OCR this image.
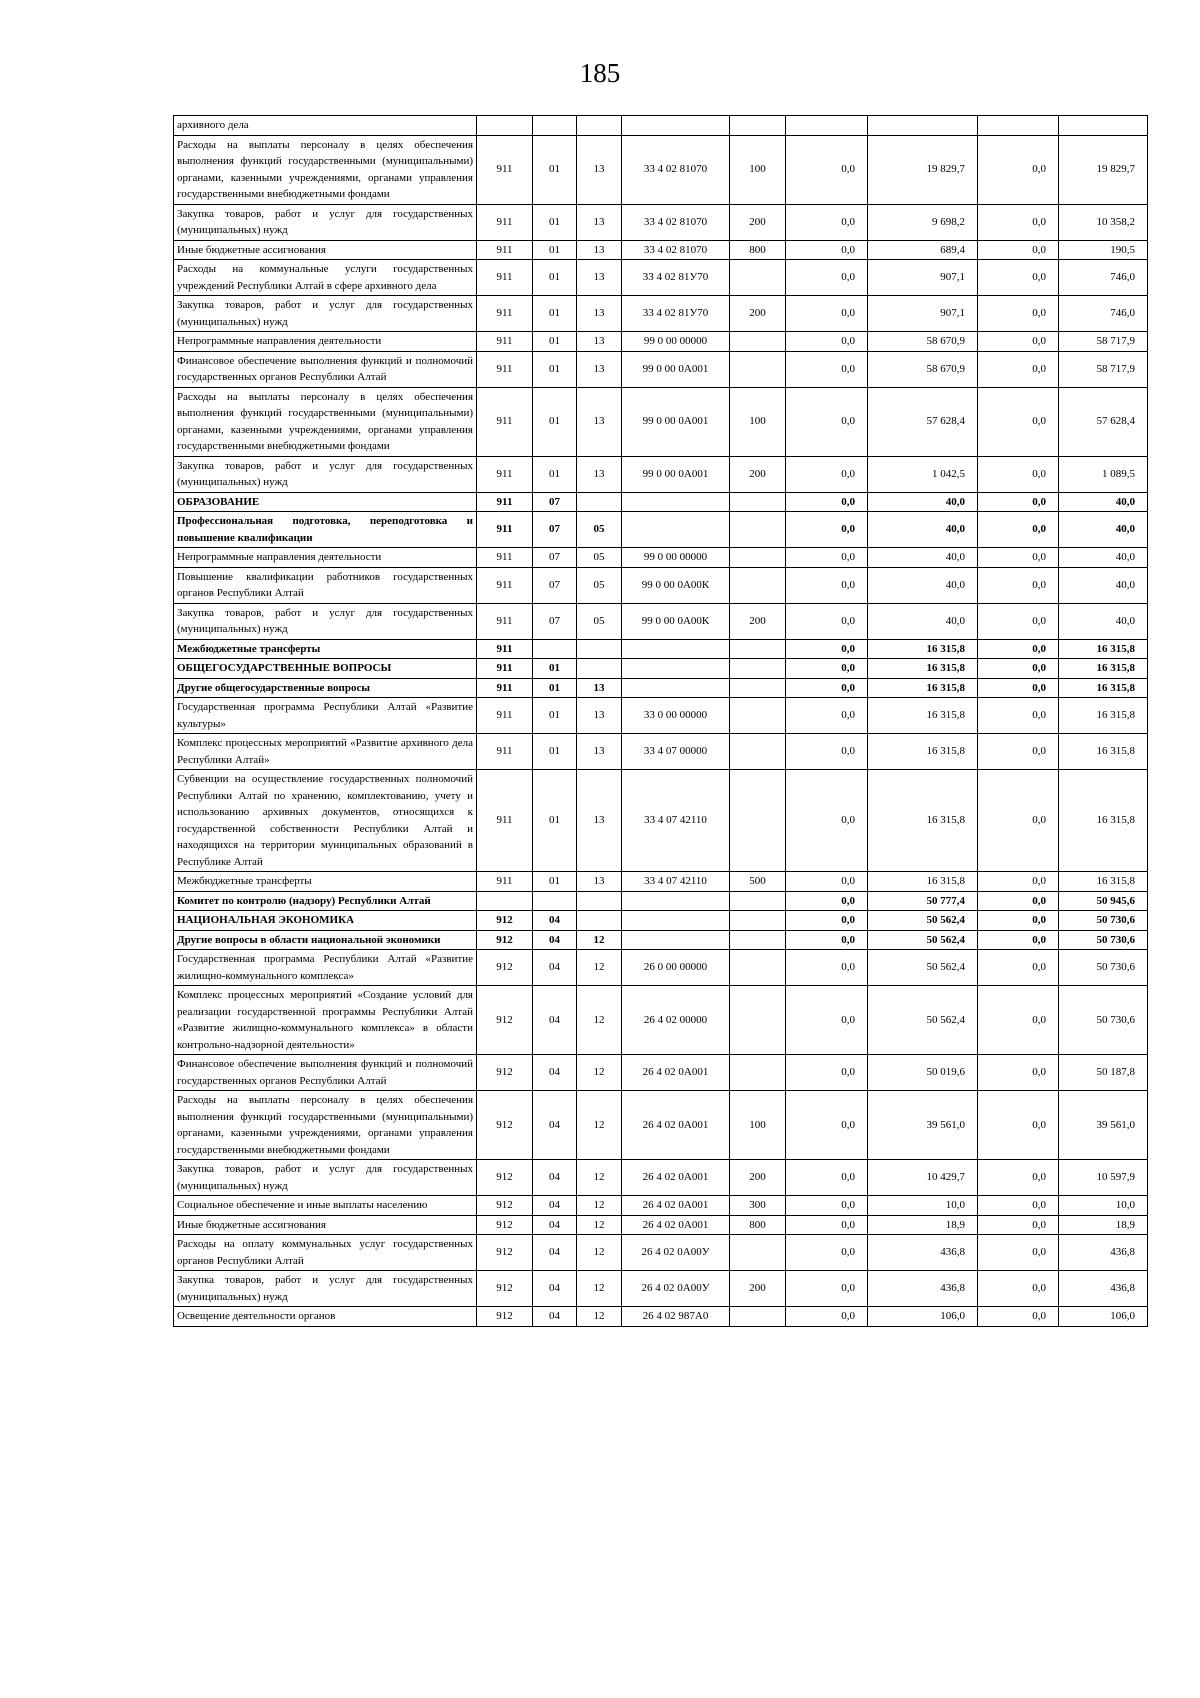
185
архивного дела									
Расходы на выплаты персоналу в целях обеспечения выполнения функций государственными (муниципальными) органами, казенными учреждениями, органами управления государственными внебюджетными фондами	911	01	13	33 4 02 81070	100	0,0	19 829,7	0,0	19 829,7
Закупка товаров, работ и услуг для государственных (муниципальных) нужд	911	01	13	33 4 02 81070	200	0,0	9 698,2	0,0	10 358,2
Иные бюджетные ассигнования	911	01	13	33 4 02 81070	800	0,0	689,4	0,0	190,5
Расходы на коммунальные услуги государственных учреждений Республики Алтай в сфере архивного дела	911	01	13	33 4 02 81У70		0,0	907,1	0,0	746,0
Закупка товаров, работ и услуг для государственных (муниципальных) нужд	911	01	13	33 4 02 81У70	200	0,0	907,1	0,0	746,0
Непрограммные направления деятельности	911	01	13	99 0 00 00000		0,0	58 670,9	0,0	58 717,9
Финансовое обеспечение выполнения функций и полномочий государственных органов Республики Алтай	911	01	13	99 0 00 0А001		0,0	58 670,9	0,0	58 717,9
Расходы на выплаты персоналу в целях обеспечения выполнения функций государственными (муниципальными) органами, казенными учреждениями, органами управления государственными внебюджетными фондами	911	01	13	99 0 00 0А001	100	0,0	57 628,4	0,0	57 628,4
Закупка товаров, работ и услуг для государственных (муниципальных) нужд	911	01	13	99 0 00 0А001	200	0,0	1 042,5	0,0	1 089,5
ОБРАЗОВАНИЕ	911	07				0,0	40,0	0,0	40,0
Профессиональная подготовка, переподготовка и повышение квалификации	911	07	05			0,0	40,0	0,0	40,0
Непрограммные направления деятельности	911	07	05	99 0 00 00000		0,0	40,0	0,0	40,0
Повышение квалификации работников государственных органов Республики Алтай	911	07	05	99 0 00 0А00К		0,0	40,0	0,0	40,0
Закупка товаров, работ и услуг для государственных (муниципальных) нужд	911	07	05	99 0 00 0А00К	200	0,0	40,0	0,0	40,0
Межбюджетные трансферты	911					0,0	16 315,8	0,0	16 315,8
ОБЩЕГОСУДАРСТВЕННЫЕ ВОПРОСЫ	911	01				0,0	16 315,8	0,0	16 315,8
Другие общегосударственные вопросы	911	01	13			0,0	16 315,8	0,0	16 315,8
Государственная программа Республики Алтай «Развитие культуры»	911	01	13	33 0 00 00000		0,0	16 315,8	0,0	16 315,8
Комплекс процессных мероприятий «Развитие архивного дела Республики Алтай»	911	01	13	33 4 07 00000		0,0	16 315,8	0,0	16 315,8
Субвенции на осуществление государственных полномочий Республики Алтай по хранению, комплектованию, учету и использованию архивных документов, относящихся к государственной собственности Республики Алтай и находящихся на территории муниципальных образований в Республике Алтай	911	01	13	33 4 07 42110		0,0	16 315,8	0,0	16 315,8
Межбюджетные трансферты	911	01	13	33 4 07 42110	500	0,0	16 315,8	0,0	16 315,8
Комитет по контролю (надзору) Республики Алтай						0,0	50 777,4	0,0	50 945,6
НАЦИОНАЛЬНАЯ ЭКОНОМИКА	912	04				0,0	50 562,4	0,0	50 730,6
Другие вопросы в области национальной экономики	912	04	12			0,0	50 562,4	0,0	50 730,6
Государственная программа Республики Алтай «Развитие жилищно-коммунального комплекса»	912	04	12	26 0 00 00000		0,0	50 562,4	0,0	50 730,6
Комплекс процессных мероприятий «Создание условий для реализации государственной программы Республики Алтай «Развитие жилищно-коммунального комплекса» в области контрольно-надзорной деятельности»	912	04	12	26 4 02 00000		0,0	50 562,4	0,0	50 730,6
Финансовое обеспечение выполнения функций и полномочий государственных органов Республики Алтай	912	04	12	26 4 02 0А001		0,0	50 019,6	0,0	50 187,8
Расходы на выплаты персоналу в целях обеспечения выполнения функций государственными (муниципальными) органами, казенными учреждениями, органами управления государственными внебюджетными фондами	912	04	12	26 4 02 0А001	100	0,0	39 561,0	0,0	39 561,0
Закупка товаров, работ и услуг для государственных (муниципальных) нужд	912	04	12	26 4 02 0А001	200	0,0	10 429,7	0,0	10 597,9
Социальное обеспечение и иные выплаты населению	912	04	12	26 4 02 0А001	300	0,0	10,0	0,0	10,0
Иные бюджетные ассигнования	912	04	12	26 4 02 0А001	800	0,0	18,9	0,0	18,9
Расходы на оплату коммунальных услуг государственных органов Республики Алтай	912	04	12	26 4 02 0А00У		0,0	436,8	0,0	436,8
Закупка товаров, работ и услуг для государственных (муниципальных) нужд	912	04	12	26 4 02 0А00У	200	0,0	436,8	0,0	436,8
Освещение деятельности органов	912	04	12	26 4 02 987А0		0,0	106,0	0,0	106,0
